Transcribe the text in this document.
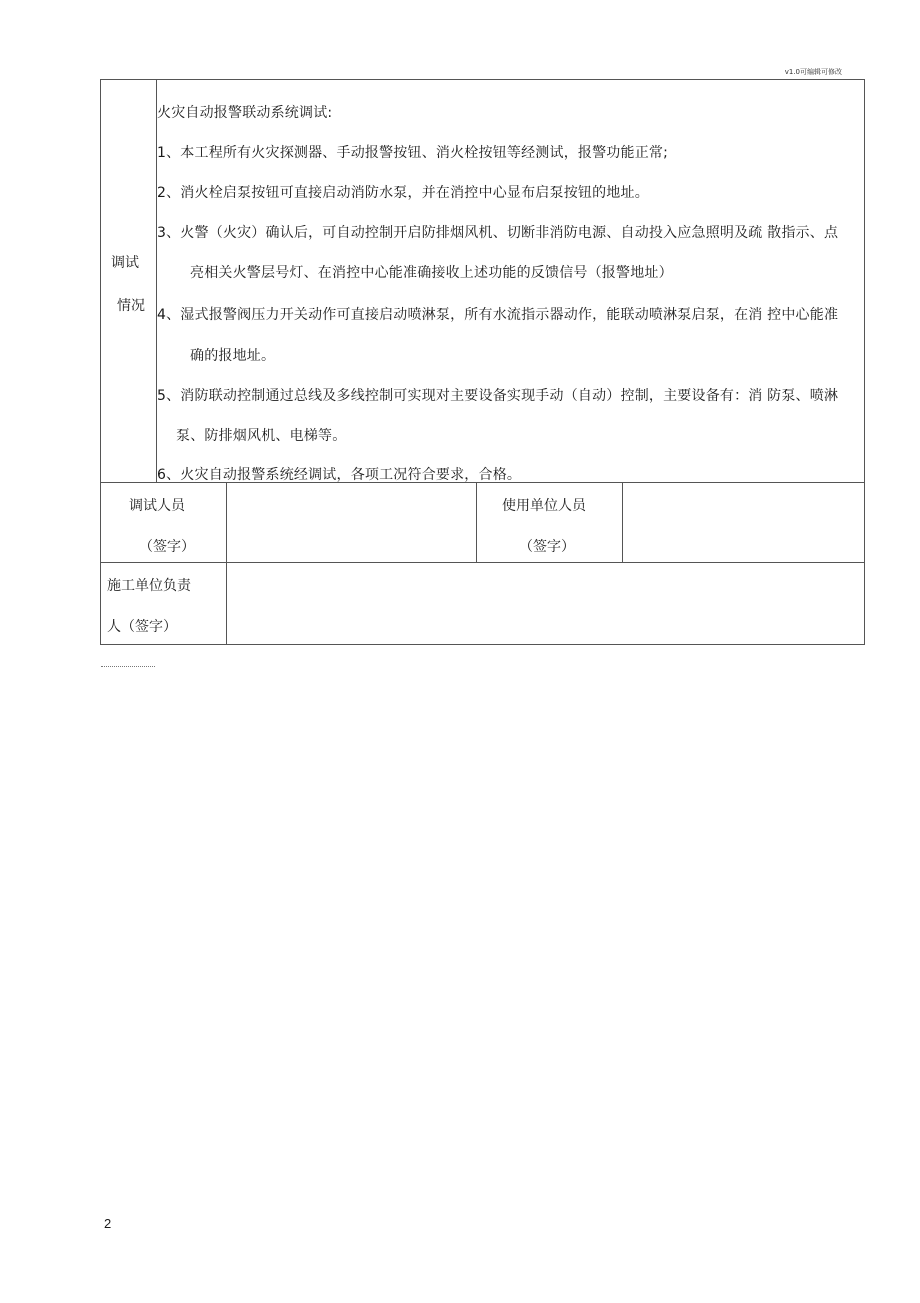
v1.0可编辑可修改
调试
情况
火灾自动报警联动系统调试:
1、本工程所有火灾探测器、手动报警按钮、消火栓按钮等经测试，报警功能正常;
2、消火栓启泵按钮可直接启动消防水泵，并在消控中心显布启泵按钮的地址。
3、火警（火灾）确认后，可自动控制开启防排烟风机、切断非消防电源、自动投入应急照明及疏 散指示、点
亮相关火警层号灯、在消控中心能准确接收上述功能的反馈信号（报警地址）
4、湿式报警阀压力开关动作可直接启动喷淋泵，所有水流指示器动作，能联动喷淋泵启泵，在消 控中心能准
确的报地址。
5、消防联动控制通过总线及多线控制可实现对主要设备实现手动（自动）控制，主要设备有：消 防泵、喷淋
泵、防排烟风机、电梯等。
6、火灾自动报警系统经调试，各项工况符合要求，合格。
调试人员
（签字）
使用单位人员
（签字）
施工单位负责
人（签字）
2
